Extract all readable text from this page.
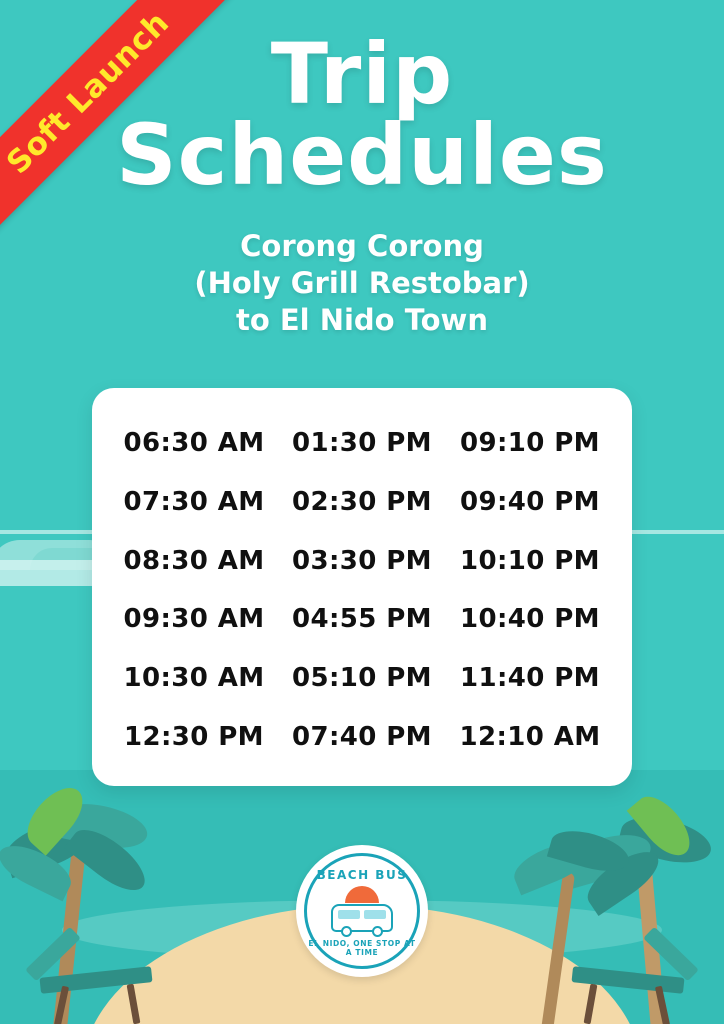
Soft Launch	Trip
Schedules
Corong Corong
(Holy Grill Restobar)
to El Nido Town
06:30 AM 01:30 PM 09:10 PM
07:30 AM 02:30 PM 09:40 PM
08:30 AM 03:30 PM 10:10 PM
09:30 AM 04:55 PM 10:40 PM
10:30 AM 05:10 PM 11:40 PM
12:30 PM 07:40 PM 12:10 AM
BEACH BUS
EL NIDO, ONE STOP AT A TIME
